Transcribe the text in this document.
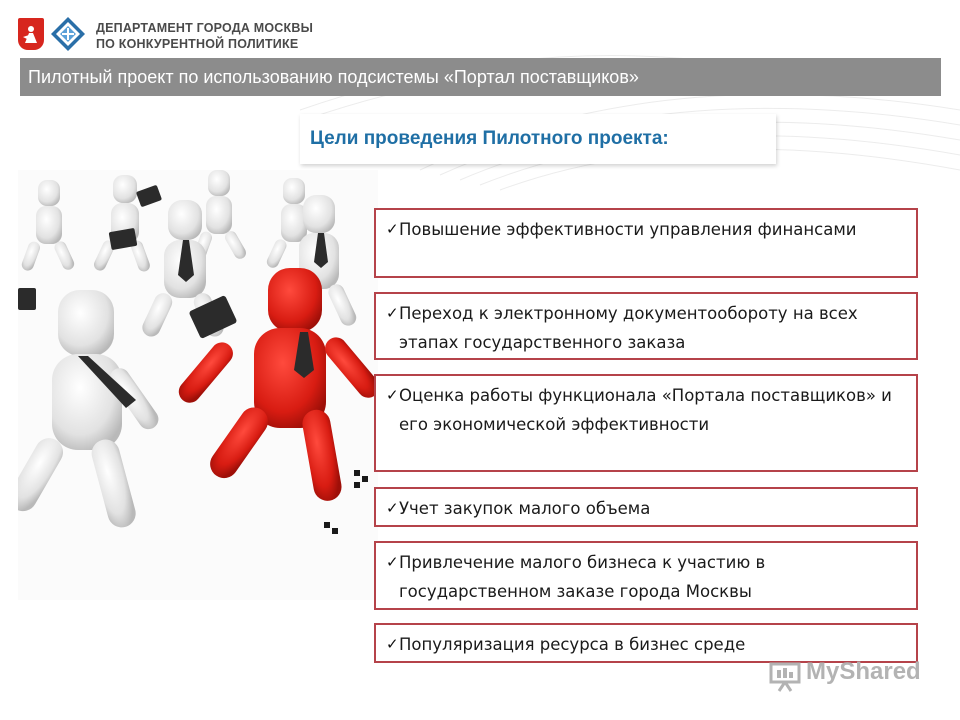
ДЕПАРТАМЕНТ ГОРОДА МОСКВЫ
ПО КОНКУРЕНТНОЙ ПОЛИТИКЕ
Пилотный проект по использованию подсистемы «Портал поставщиков»
Цели проведения Пилотного проекта :
✓ Повышение эффективности управления финансами
✓ Переход к электронному документообороту на всех этапах государственного заказа
✓ Оценка работы функционала «Портала поставщиков» и его экономической эффективности
✓ Учет закупок малого объема
✓ Привлечение малого бизнеса к участию в государственном заказе города Москвы
✓ Популяризация ресурса в бизнес среде
MyShared
